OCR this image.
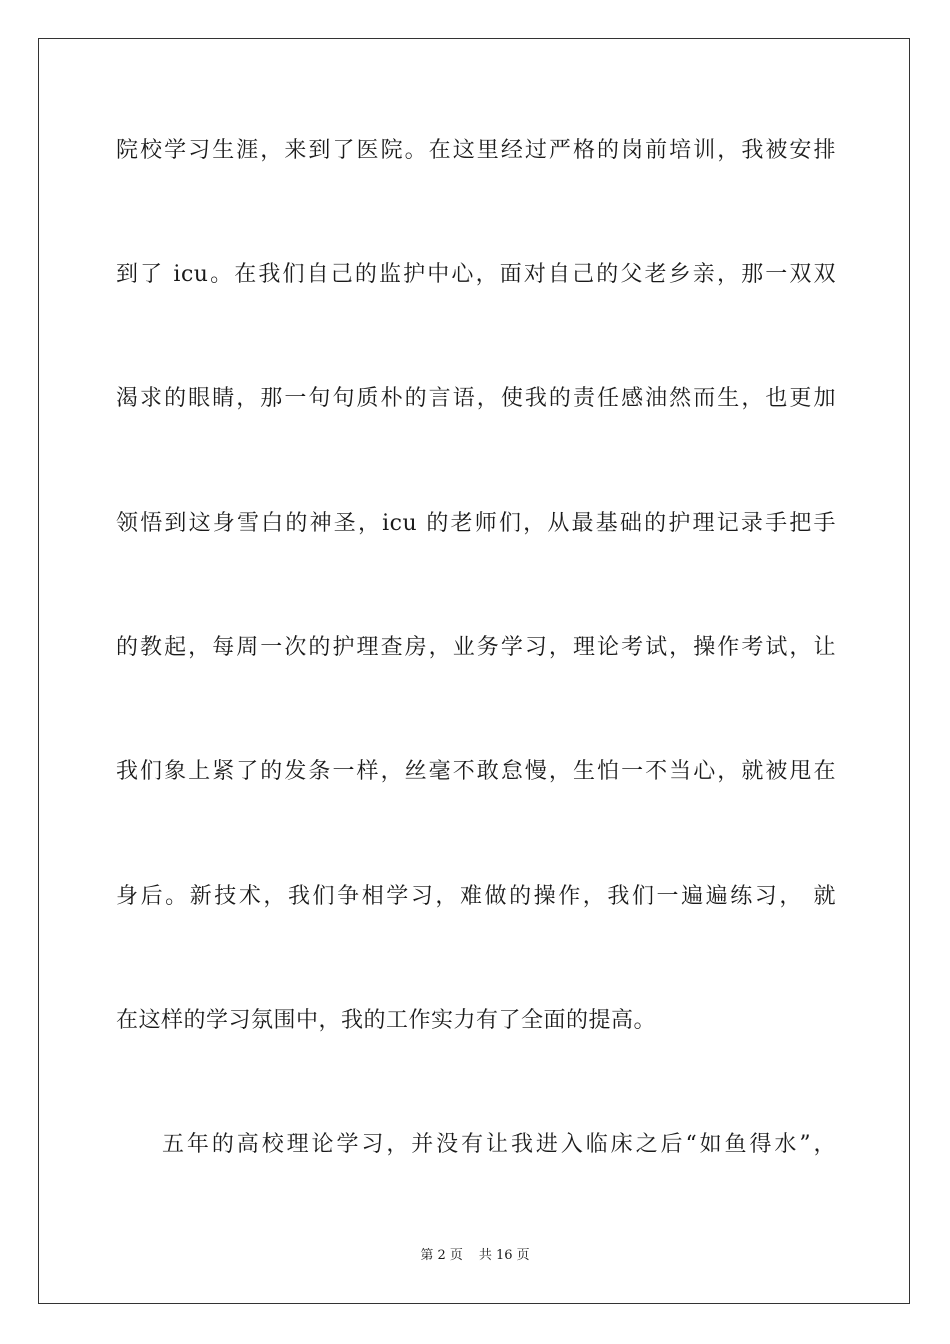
院校学习生涯，来到了医院。在这里经过严格的岗前培训，我被安排
到了 icu。在我们自己的监护中心，面对自己的父老乡亲，那一双双
渴求的眼睛，那一句句质朴的言语，使我的责任感油然而生，也更加
领悟到这身雪白的神圣，icu 的老师们，从最基础的护理记录手把手
的教起，每周一次的护理查房，业务学习，理论考试，操作考试，让
我们象上紧了的发条一样，丝毫不敢怠慢，生怕一不当心，就被甩在
身后。新技术，我们争相学习，难做的操作，我们一遍遍练习， 就
在这样的学习氛围中，我的工作实力有了全面的提高。
五年的高校理论学习，并没有让我进入临床之后“如鱼得水”，
第 2 页 共 16 页
